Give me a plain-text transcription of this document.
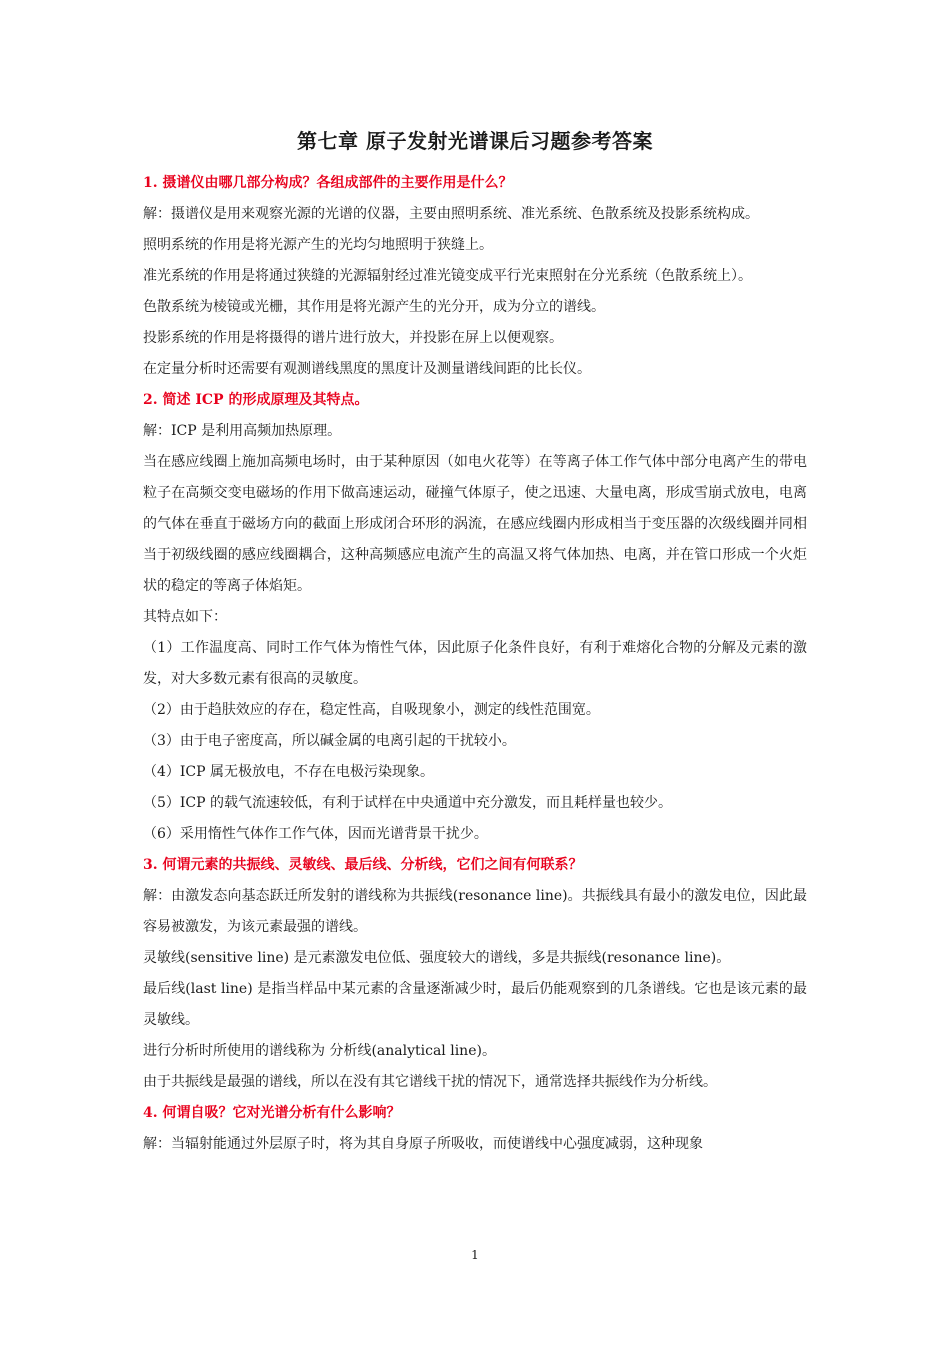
第七章 原子发射光谱课后习题参考答案

1. 摄谱仪由哪几部分构成？各组成部件的主要作用是什么？

解：摄谱仪是用来观察光源的光谱的仪器，主要由照明系统、准光系统、色散系统及投影系统构成。

照明系统的作用是将光源产生的光均匀地照明于狭缝上。

准光系统的作用是将通过狭缝的光源辐射经过准光镜变成平行光束照射在分光系统（色散系统上）。

色散系统为棱镜或光栅，其作用是将光源产生的光分开，成为分立的谱线。

投影系统的作用是将摄得的谱片进行放大，并投影在屏上以便观察。

在定量分析时还需要有观测谱线黑度的黑度计及测量谱线间距的比长仪。

2. 简述 ICP 的形成原理及其特点。

解：ICP 是利用高频加热原理。

当在感应线圈上施加高频电场时，由于某种原因（如电火花等）在等离子体工作气体中部分电离产生的带电粒子在高频交变电磁场的作用下做高速运动，碰撞气体原子，使之迅速、大量电离，形成雪崩式放电，电离的气体在垂直于磁场方向的截面上形成闭合环形的涡流，在感应线圈内形成相当于变压器的次级线圈并同相当于初级线圈的感应线圈耦合，这种高频感应电流产生的高温又将气体加热、电离，并在管口形成一个火炬状的稳定的等离子体焰矩。

其特点如下：

（1）工作温度高、同时工作气体为惰性气体，因此原子化条件良好，有利于难熔化合物的分解及元素的激发，对大多数元素有很高的灵敏度。

（2）由于趋肤效应的存在，稳定性高，自吸现象小，测定的线性范围宽。

（3）由于电子密度高，所以碱金属的电离引起的干扰较小。

（4）ICP 属无极放电，不存在电极污染现象。

（5）ICP 的载气流速较低，有利于试样在中央通道中充分激发，而且耗样量也较少。

（6）采用惰性气体作工作气体，因而光谱背景干扰少。

3. 何谓元素的共振线、灵敏线、最后线、分析线，它们之间有何联系？

解：由激发态向基态跃迁所发射的谱线称为共振线(resonance line)。共振线具有最小的激发电位，因此最容易被激发，为该元素最强的谱线。

灵敏线(sensitive line) 是元素激发电位低、强度较大的谱线，多是共振线(resonance line)。

最后线(last line) 是指当样品中某元素的含量逐渐减少时，最后仍能观察到的几条谱线。它也是该元素的最灵敏线。

进行分析时所使用的谱线称为 分析线(analytical line)。

由于共振线是最强的谱线，所以在没有其它谱线干扰的情况下，通常选择共振线作为分析线。

4. 何谓自吸？它对光谱分析有什么影响？

解：当辐射能通过外层原子时，将为其自身原子所吸收，而使谱线中心强度减弱，这种现象

1
